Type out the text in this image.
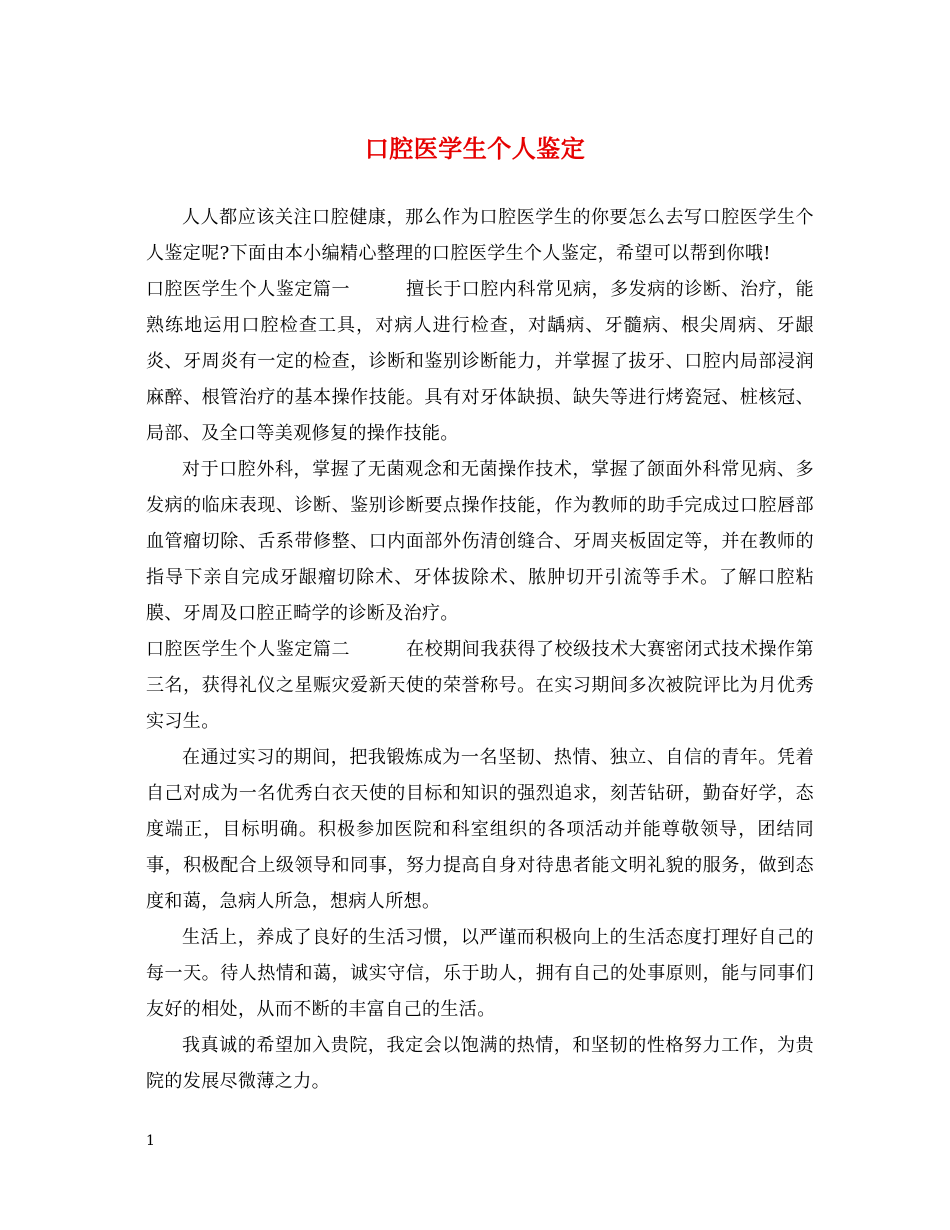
口腔医学生个人鉴定

人人都应该关注口腔健康，那么作为口腔医学生的你要怎么去写口腔医学生个人鉴定呢?下面由本小编精心整理的口腔医学生个人鉴定，希望可以帮到你哦!

口腔医学生个人鉴定篇一	擅长于口腔内科常见病，多发病的诊断、治疗，能熟练地运用口腔检查工具，对病人进行检查，对龋病、牙髓病、根尖周病、牙龈炎、牙周炎有一定的检查，诊断和鉴别诊断能力，并掌握了拔牙、口腔内局部浸润麻醉、根管治疗的基本操作技能。具有对牙体缺损、缺失等进行烤瓷冠、桩核冠、局部、及全口等美观修复的操作技能。

对于口腔外科，掌握了无菌观念和无菌操作技术，掌握了颌面外科常见病、多发病的临床表现、诊断、鉴别诊断要点操作技能，作为教师的助手完成过口腔唇部血管瘤切除、舌系带修整、口内面部外伤清创缝合、牙周夹板固定等，并在教师的指导下亲自完成牙龈瘤切除术、牙体拔除术、脓肿切开引流等手术。了解口腔粘膜、牙周及口腔正畸学的诊断及治疗。

口腔医学生个人鉴定篇二	在校期间我获得了校级技术大赛密闭式技术操作第三名，获得礼仪之星赈灾爱新天使的荣誉称号。在实习期间多次被院评比为月优秀实习生。

在通过实习的期间，把我锻炼成为一名坚韧、热情、独立、自信的青年。凭着自己对成为一名优秀白衣天使的目标和知识的强烈追求，刻苦钻研，勤奋好学，态度端正，目标明确。积极参加医院和科室组织的各项活动并能尊敬领导，团结同事，积极配合上级领导和同事，努力提高自身对待患者能文明礼貌的服务，做到态度和蔼，急病人所急，想病人所想。

生活上，养成了良好的生活习惯，以严谨而积极向上的生活态度打理好自己的每一天。待人热情和蔼，诚实守信，乐于助人，拥有自己的处事原则，能与同事们友好的相处，从而不断的丰富自己的生活。

我真诚的希望加入贵院，我定会以饱满的热情，和坚韧的性格努力工作，为贵院的发展尽微薄之力。

1
